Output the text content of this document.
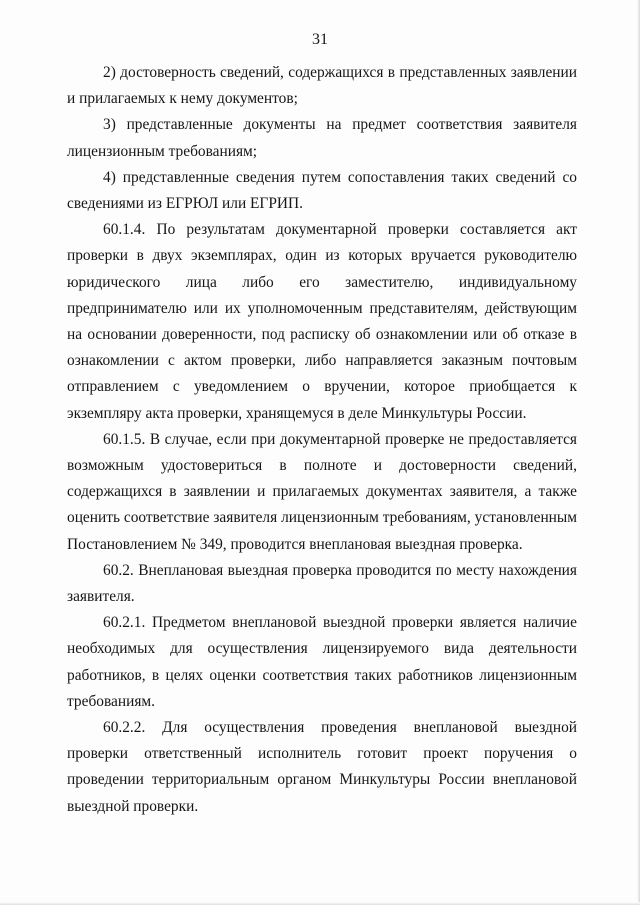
31

2) достоверность сведений, содержащихся в представленных заявлении и прилагаемых к нему документов;

3) представленные документы на предмет соответствия заявителя лицензионным требованиям;

4) представленные сведения путем сопоставления таких сведений со сведениями из ЕГРЮЛ или ЕГРИП.

60.1.4. По результатам документарной проверки составляется акт проверки в двух экземплярах, один из которых вручается руководителю юридического лица либо его заместителю, индивидуальному предпринимателю или их уполномоченным представителям, действующим на основании доверенности, под расписку об ознакомлении или об отказе в ознакомлении с актом проверки, либо направляется заказным почтовым отправлением с уведомлением о вручении, которое приобщается к экземпляру акта проверки, хранящемуся в деле Минкультуры России.

60.1.5. В случае, если при документарной проверке не предоставляется возможным удостовериться в полноте и достоверности сведений, содержащихся в заявлении и прилагаемых документах заявителя, а также оценить соответствие заявителя лицензионным требованиям, установленным Постановлением № 349, проводится внеплановая выездная проверка.

60.2. Внеплановая выездная проверка проводится по месту нахождения заявителя.

60.2.1. Предметом внеплановой выездной проверки является наличие необходимых для осуществления лицензируемого вида деятельности работников, в целях оценки соответствия таких работников лицензионным требованиям.

60.2.2. Для осуществления проведения внеплановой выездной проверки ответственный исполнитель готовит проект поручения о проведении территориальным органом Минкультуры России внеплановой выездной проверки.
